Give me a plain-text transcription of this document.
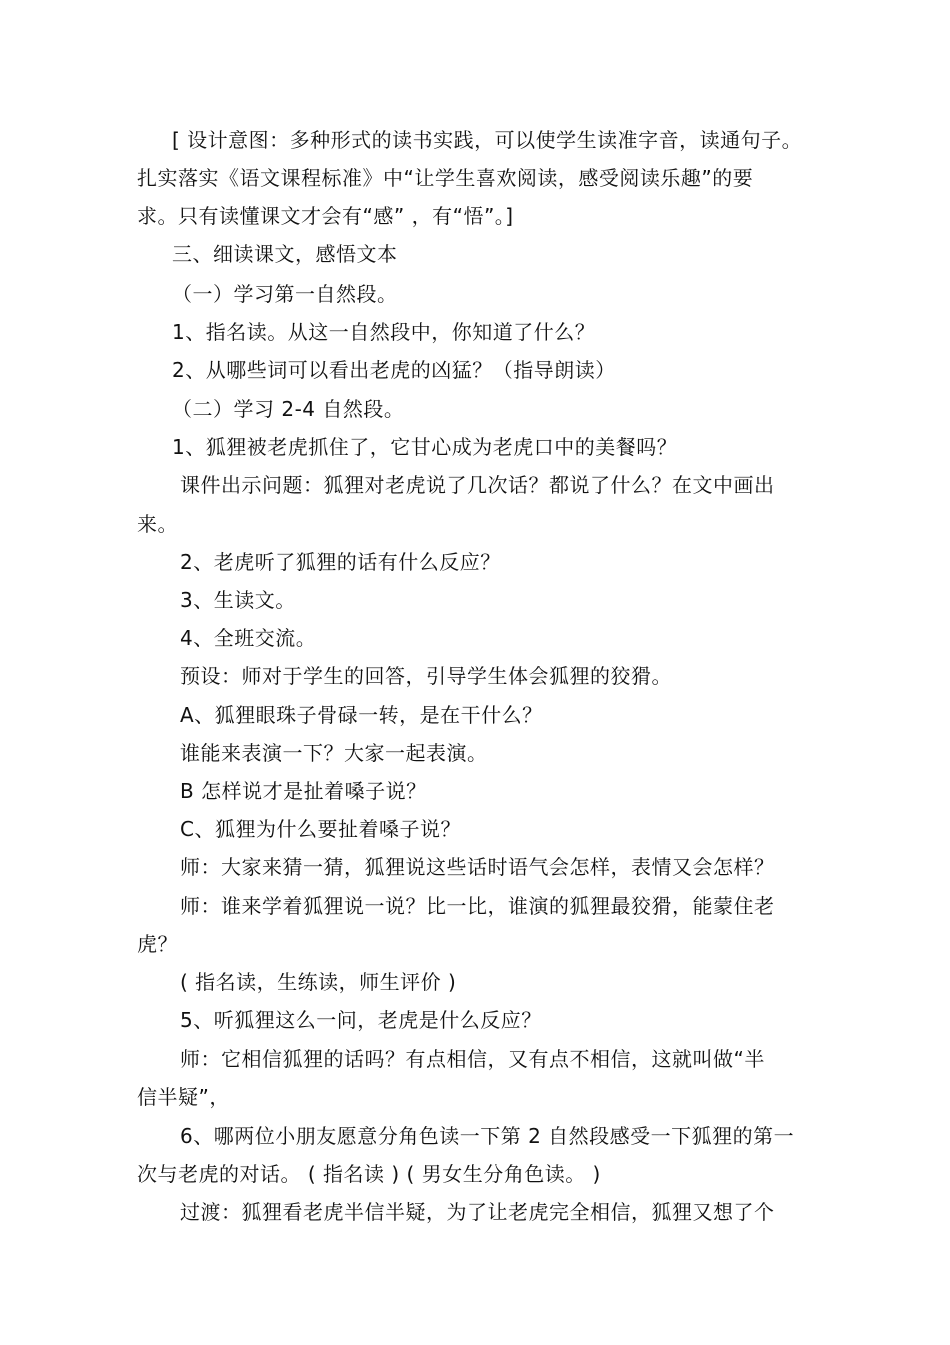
[ 设计意图：多种形式的读书实践，可以使学生读准字音，读通句子。
扎实落实《语文课程标准》中“让学生喜欢阅读，感受阅读乐趣”的要
求。只有读懂课文才会有“感” ，有“悟”。]
三、细读课文，感悟文本
（一）学习第一自然段。
1、指名读。从这一自然段中，你知道了什么？
2、从哪些词可以看出老虎的凶猛？（指导朗读）
（二）学习 2-4 自然段。
1、狐狸被老虎抓住了，它甘心成为老虎口中的美餐吗？
课件出示问题：狐狸对老虎说了几次话？都说了什么？在文中画出
来。
2、老虎听了狐狸的话有什么反应？
3、生读文。
4、全班交流。
预设：师对于学生的回答，引导学生体会狐狸的狡猾。
A、狐狸眼珠子骨碌一转，是在干什么？
谁能来表演一下？大家一起表演。
B 怎样说才是扯着嗓子说？
C、狐狸为什么要扯着嗓子说？
师：大家来猜一猜，狐狸说这些话时语气会怎样，表情又会怎样？
师：谁来学着狐狸说一说？比一比，谁演的狐狸最狡猾，能蒙住老
虎？
( 指名读，生练读，师生评价 )
5、听狐狸这么一问，老虎是什么反应？
师：它相信狐狸的话吗？有点相信，又有点不相信，这就叫做“半
信半疑”，
6、哪两位小朋友愿意分角色读一下第 2 自然段感受一下狐狸的第一
次与老虎的对话。 ( 指名读 ) ( 男女生分角色读。 )
过渡：狐狸看老虎半信半疑，为了让老虎完全相信，狐狸又想了个
